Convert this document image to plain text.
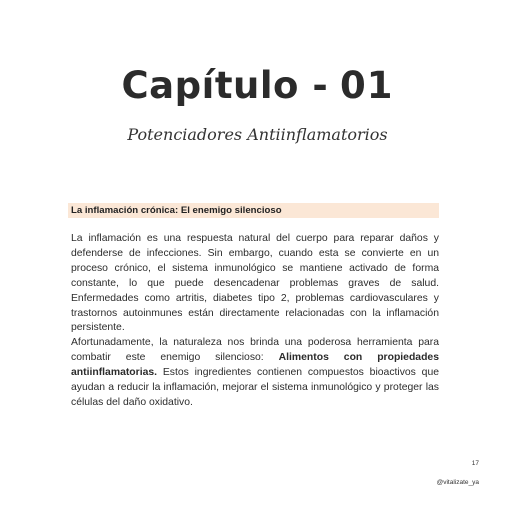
Capítulo - 01
Potenciadores Antiinflamatorios
La inflamación crónica: El enemigo silencioso

La inflamación es una respuesta natural del cuerpo para reparar daños y defenderse de infecciones. Sin embargo, cuando esta se convierte en un proceso crónico, el sistema inmunológico se mantiene activado de forma constante, lo que puede desencadenar problemas graves de salud. Enfermedades como artritis, diabetes tipo 2, problemas cardiovasculares y trastornos autoinmunes están directamente relacionadas con la inflamación persistente.

Afortunadamente, la naturaleza nos brinda una poderosa herramienta para combatir este enemigo silencioso: Alimentos con propiedades antiinflamatorias. Estos ingredientes contienen compuestos bioactivos que ayudan a reducir la inflamación, mejorar el sistema inmunológico y proteger las células del daño oxidativo.

17
@vitalizate_ya
